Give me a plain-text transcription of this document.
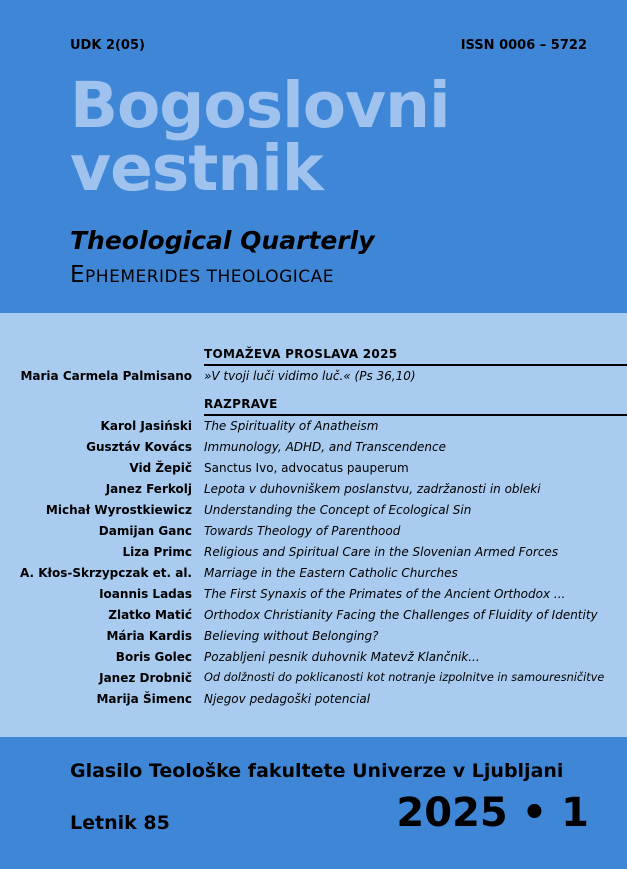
UDK 2(05)	ISSN 0006 – 5722
Bogoslovni
vestnik
Theological Quarterly
EPHEMERIDES THEOLOGICAE
TOMAŽEVA PROSLAVA 2025
Maria Carmela Palmisano »V tvoji luči vidimo luč.« (Ps 36,10)
RAZPRAVE
Karol Jasiński The Spirituality of Anatheism
Gusztáv Kovács Immunology, ADHD, and Transcendence
Vid Žepič Sanctus Ivo, advocatus pauperum
Janez Ferkolj Lepota v duhovniškem poslanstvu, zadržanosti in obleki
Michał Wyrostkiewicz Understanding the Concept of Ecological Sin
Damijan Ganc Towards Theology of Parenthood
Liza Primc Religious and Spiritual Care in the Slovenian Armed Forces
A. Kłos-Skrzypczak et. al. Marriage in the Eastern Catholic Churches
Ioannis Ladas The First Synaxis of the Primates of the Ancient Orthodox ...
Zlatko Matić Orthodox Christianity Facing the Challenges of Fluidity of Identity
Mária Kardis Believing without Belonging?
Boris Golec Pozabljeni pesnik duhovnik Matevž Klančnik...
Janez Drobnič Od dolžnosti do poklicanosti kot notranje izpolnitve in samouresničitve
Marija Šimenc Njegov pedagoški potencial
Glasilo Teološke fakultete Univerze v Ljubljani
Letnik 85	2025 • 1
